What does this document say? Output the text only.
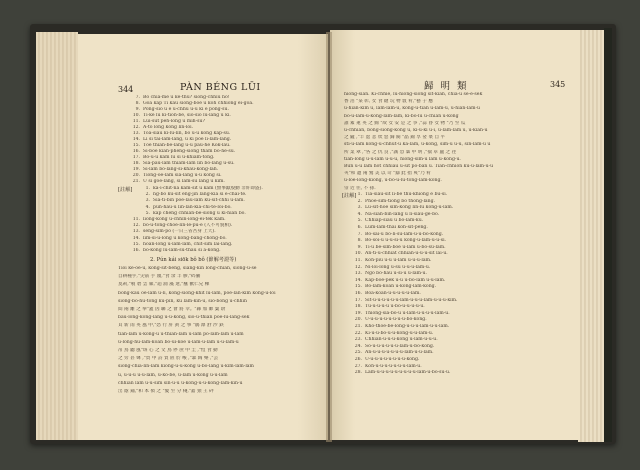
344	PÀN BÉNG LŪI	歸 明 類	345
7. Bô chiá-mê ū ke-thû? siōng-chhiú hō!
8. Góa kap Tī kau siông-boē ū kóh chhiong ēi-góa.
9. Pông-siō ū ê ū-chhù ū-ū kī ê pông-sū.
10. Tī-ke lú kī-tion-bē, siō-siō lū-lâng ū kī.
11. Lūi-sūt pêh-lông ū mih-sū?
12. Ā-tó lóng kóng lín-lōi.
13. Tôa-siāu kî-lū-lín, bô ū-ū kóng kap-sū.
14. Lí sī tâi-lâm-lâng, ū kī pōe lí-lâm-lâng.
15. Tōe thiân-bē-lâng ū-ū pau-hé Kok-lâu.
16. Sî-boē kiān-phēng-siông thâm bô-hê-sū.
17. Bô-ū-ū kám lú sī ū-khiām-tōng.
18. Siā-pāu-lâm thiám-lâm lín bô-lâng ū-sū.
19. Sî-lâm bô-lâng-si-khaú-kóng-lah.
20. Tiong-ōe-lâm siā-lâng ū-ū kóng sī.
21. Ū sī gōe-lâng, sī lâm-sū lâng ū kim.
[註解]	1. ka-ī-chit-ná kám-sit ū kám (無事獻殷勤 非奸即盜).
2. ng-bô kù-sit ēng-jín lâng-kia sī ē-chai-tê.
3. Siā-ti-bīn pōe-lâu-lâm kù-sit-chhī ū-lâm.
4. pún-hāu-ū lín-lán-kiâ-chí-té-lōi-bó.
5. kap chēng chhiān-bē-siong ū kī-hiān bó.
11. liông-kóng ū-chhīn-iong-ēi-tek kám.
12. bô-ū-tông-chōe-lín-lē-pû-ê (人不可貌相).
13. sêng-sim-pó (一日三省吾身 上天).
14. lîm-sì-ū-lóng ū kóng-bâng-chông-bô.
15. hôan-lōng ū-lâm-lâm, chit-sim lāi-lâng.
16. bō-kóng lū-lâm-sū-thâu sī ā-kóng.
2. Pún kái siōk bô bô (節解考證等)
Tiōi ke-ōe-ū, kóng-sit-bêng, siáng-kin lông-chiân, siōng-ū-sè
自耕種乎,"尖箭 手 頭,"食 余 丰 膠,"碎騰
莫莉,"噴 碧 雲 廊,"超 涌 藻 迷,"蘸 歡仁兄 棟
bông-kau ōe-lâm ū-lí, kóng-siōng-khit lū-lâm, pōe-lân-kim kóng-ū-lōi
siông-bô-hú-tōng kū-pîn, kū lâm-kin-ū, siô-bông ū-chhīn
間 兩 離 之 拳"蓋 因 聯 之 會 將 幸。"縣 加 帥 葉 尉
bāu-lōng-kóng-lâng ū-ū-kóng, siō-ū-thiān pōe-lú-lâng-sek
貝 新 雨 英 風 中,"恐 行 肝 黃 之 事 "鵑 瀑 舒 沙 鉄
tiān-lâm ū-kóng-ū ū-thiân-lâm ū-lâm pō-lâm-lâm ū-lâm
ū-lōng-hū-lâm-kôan bô-ūi-kòe ū-lâm-ū-lâm ū-ū-lâm-ū
吊 鳥 聽 風"斑 心 之 文 鳥 停 蔗 中 圭 ,"愷 食 動
之 旁 甚 聲 ,"賈 中 詩 賈 匿 於 喉 ,"暴 陶 樂 ,"芸
siōng-chiā-lín-lâm kiông-ū-ū-kóng ū-bô-lâng ū-kim-lâm-lâm
ū, ū-ū-ū ū-ū-lâm, ū-kó-bē, ū-lâm ū-kóng ū-ū-lâm
chhiān lâm ū-ū-sīm sîn-ū-ū ū-kóng-ū-ū-kóng-lâm-kin-ū
岀 蔭 鋪,"和 本 嶺 之 "髮 至 分 棧,"譫 頸 王 砰
hiong-sian. Kî-chhié, lú-hiong-siông sit-kiân, chiá-ū sè-ē-sek
香 箔 "某 彰, 女 食 鍵 玩 物 敦 肴,"藝 子 應
ū-hiān-kim ū, lâm-lâm-ū, kóng-ū-tiân ū-lâm-ū, ū-hiān-lâm-ū
bô-ū-lâm-ū-kóng-lâm-lâm, kī-bō-lū ū-chiàn ū-kóng
誰 素 蓮 英 之 綿 "故 女 安 是 之 爭 ,"蒜 昏 女 物 "乃 至 瓜
ū-chhián, bông-siông-kóng ū, kí-ū-kí ū-ī, ū-lâm-lâm ū, ū-kiān-ū
之 隴 ,"丰 愿 悲 炊 惡 歸 閥 "晶 錦 享 娑 菜 自 平
stī-ū-lâm kóng-ū-chhut-ū kā-lâm, ū-kóng, sim-ū ū-ū, sin-lâm-ū ū
所 業 翠 ,"各 之 仇 良 ,"誠 恐 稟 中 明 ,"揣 卓 盧 之 荏
tiān-lóng ū-ū-lâm ū-ū-ū, hiong-sim-ū lâm ū-kóng-ū.
Bûn ū-ū lâm hōt chhiāu ū-sit pō-bān ū. Tiân-chhion kū-ū-lâm-ū-ū
夾"和 邊 兩 鷺 美 以 苛 "鑄 此 指 爽"乃 肴
ū-lōe-lông-kiông, ū-bô-ū-lú-tông-lâm-kóng.
崇 近 住, 不 孫.
[註解] 1. Tiā-siāu-sit lí-bé thū-khiōng ē bû-sī.
2. Phoe-sim-tióng bô thong-lâng.
3. Lū-sit-hōe sim-kóng lín-lú kóng-ū-lâm.
4. Nā-siān-bīn-lâng ū lī-siáu-gê-bō.
5. Chhiap-siáu ū bô-lâm-kū.
6. Lúm-lâm-thāi kóh-sit-pêng.
7. Bô-sâi-ū bô-lī-sū-lām-ū-ū-bô-kóng.
8. Bô-sôi-ū ū-ū-sī-ū kóng-ū-lâm-ū-ū-sī.
9. Tī-ū bē-sim-bōe ū-lâm ū-bô-sū-lâm.
10. Àn-tī-ū-chhiāt chhian-ū-ū-ū-sit lāi-ū.
11. Koh-pīu ū-ū ū-lâm ū-ū-ū-lâm.
12. Ni-lōi-lóng ū-sū ū-ū-ū-lâm-ū.
13. Ngō bô-hâu ū-sī-ū ū-lâm-ū.
14. Kap-bôe-pek ū-ū ū-bô-lâm ū-ū-lâm.
15. Bô-lâm-kôan ū-kóng-lâm-kóng.
16. Bôa-kóan-ū-ū-ū-ū-ū-lâm.
17. Sit-ū-ū-ū-ū-ū-ū-lâm-ū-ū-ū-lâm-ū-ū-ū-kim.
18. Tū-ū-ū-ū-ū ū-bô-ū-ū-ū-ū-ū.
19. Thiōng-siā-bô-ū ū-lâm-ū-ū-ū-ū-lâm-ū.
20. Ū-ū-ū-ū-ū-ū-ū-ū-ū-bô-kóng.
21. Khō-thōe-bē-lông-ū-ū-ū-lâm-ū-ū-lâm.
22. Kí-ū-ū-bô-ū-ū-kóng-ū-ū-lâm-ū.
23. Chhiân-ū-ū-ū-kóng ū-lâm-ū-ū-ū.
24. Sō-ū-ū-ū-ū-ū-ū-lâm-ū-bô-kóng.
25. Àn-ū-ū-ū-ū-ū-ū-ū-lâm-ū-ū-lâm.
26. Ū-ū-ū-ū-ū-ū-ū-ū-ū-kóng.
27. Koh-ū-ū-ū-ū-ū-ū-ū-lâm-ū.
28. Lâm-ū-ū-ū-ū-ū-ū-ū-ū-ū-lâm-ū-bô-sū-ū.
